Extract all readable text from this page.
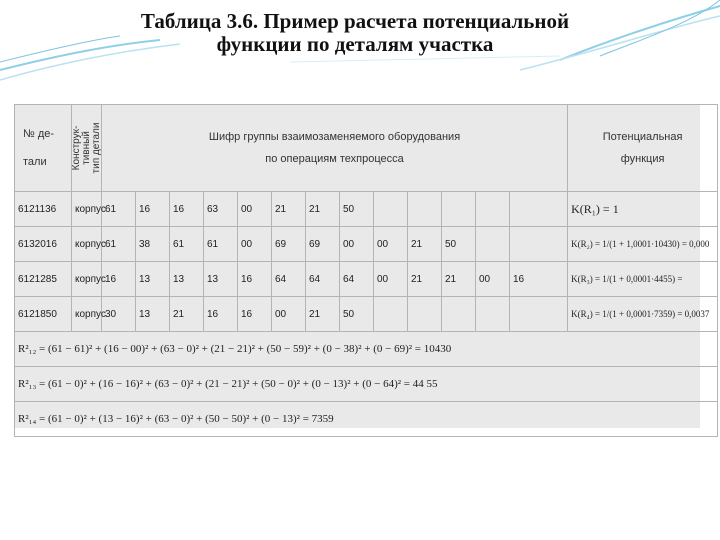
Таблица 3.6. Пример расчета потенциальной
функции по деталям участка
№ де-
тали	Конструк-
тивный
тип детали	Шифр группы взаимозаменяемого оборудования
по операциям техпроцесса													Потенциальная
функция
6121136	корпус	61	16	16	63	00	21	21	50						K(R₁) = 1
6132016	корпус	61	38	61	61	00	69	69	00	00	21	50			K(R₂) = 1/(1 + 1,0001·10430) = 0,000
6121285	корпус	16	13	13	13	16	64	64	64	00	21	21	00	16	K(R₃) = 1/(1 + 0,0001·4455) =
6121850	корпус	30	13	21	16	16	00	21	50						K(R₄) = 1/(1 + 0,0001·7359) = 0,0037
R²₁₂ = (61 − 61)² + (16 − 00)² + (63 − 0)² + (21 − 21)² + (50 − 59)² + (0 − 38)² + (0 − 69)² = 10430															
R²₁₃ = (61 − 0)² + (16 − 16)² + (63 − 0)² + (21 − 21)² + (50 − 0)² + (0 − 13)² + (0 − 64)² = 44 55															
R²₁₄ = (61 − 0)² + (13 − 16)² + (63 − 0)² + (50 − 50)² + (0 − 13)² = 7359															
